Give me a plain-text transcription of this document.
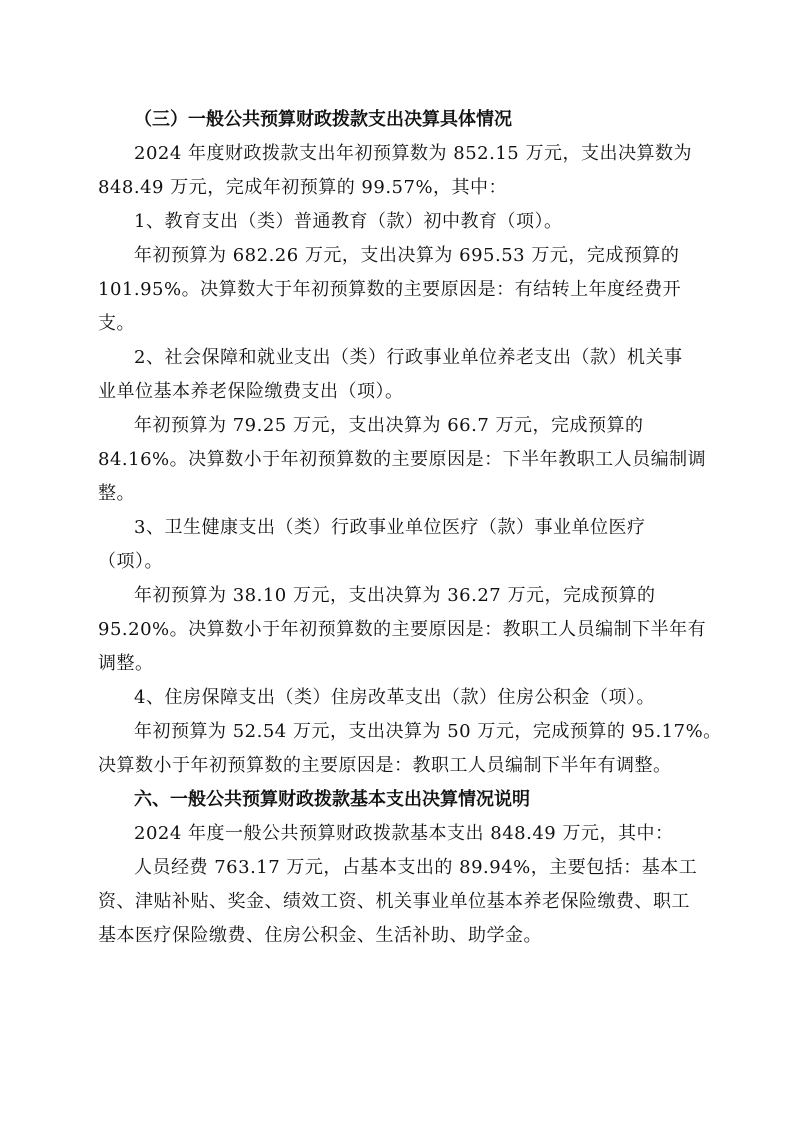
（三）一般公共预算财政拨款支出决算具体情况

2024 年度财政拨款支出年初预算数为 852.15 万元，支出决算数为
848.49 万元，完成年初预算的 99.57%，其中：

1、教育支出（类）普通教育（款）初中教育（项）。

年初预算为 682.26 万元，支出决算为 695.53 万元，完成预算的
101.95%。决算数大于年初预算数的主要原因是：有结转上年度经费开
支。

2、社会保障和就业支出（类）行政事业单位养老支出（款）机关事
业单位基本养老保险缴费支出（项）。

年初预算为 79.25 万元，支出决算为 66.7 万元，完成预算的
84.16%。决算数小于年初预算数的主要原因是：下半年教职工人员编制调
整。

3、卫生健康支出（类）行政事业单位医疗（款）事业单位医疗
（项）。

年初预算为 38.10 万元，支出决算为 36.27 万元，完成预算的
95.20%。决算数小于年初预算数的主要原因是：教职工人员编制下半年有
调整。

4、住房保障支出（类）住房改革支出（款）住房公积金（项）。

年初预算为 52.54 万元，支出决算为 50 万元，完成预算的 95.17%。
决算数小于年初预算数的主要原因是：教职工人员编制下半年有调整。

六、一般公共预算财政拨款基本支出决算情况说明

2024 年度一般公共预算财政拨款基本支出 848.49 万元，其中：

人员经费 763.17 万元，占基本支出的 89.94%，主要包括：基本工
资、津贴补贴、奖金、绩效工资、机关事业单位基本养老保险缴费、职工
基本医疗保险缴费、住房公积金、生活补助、助学金。
